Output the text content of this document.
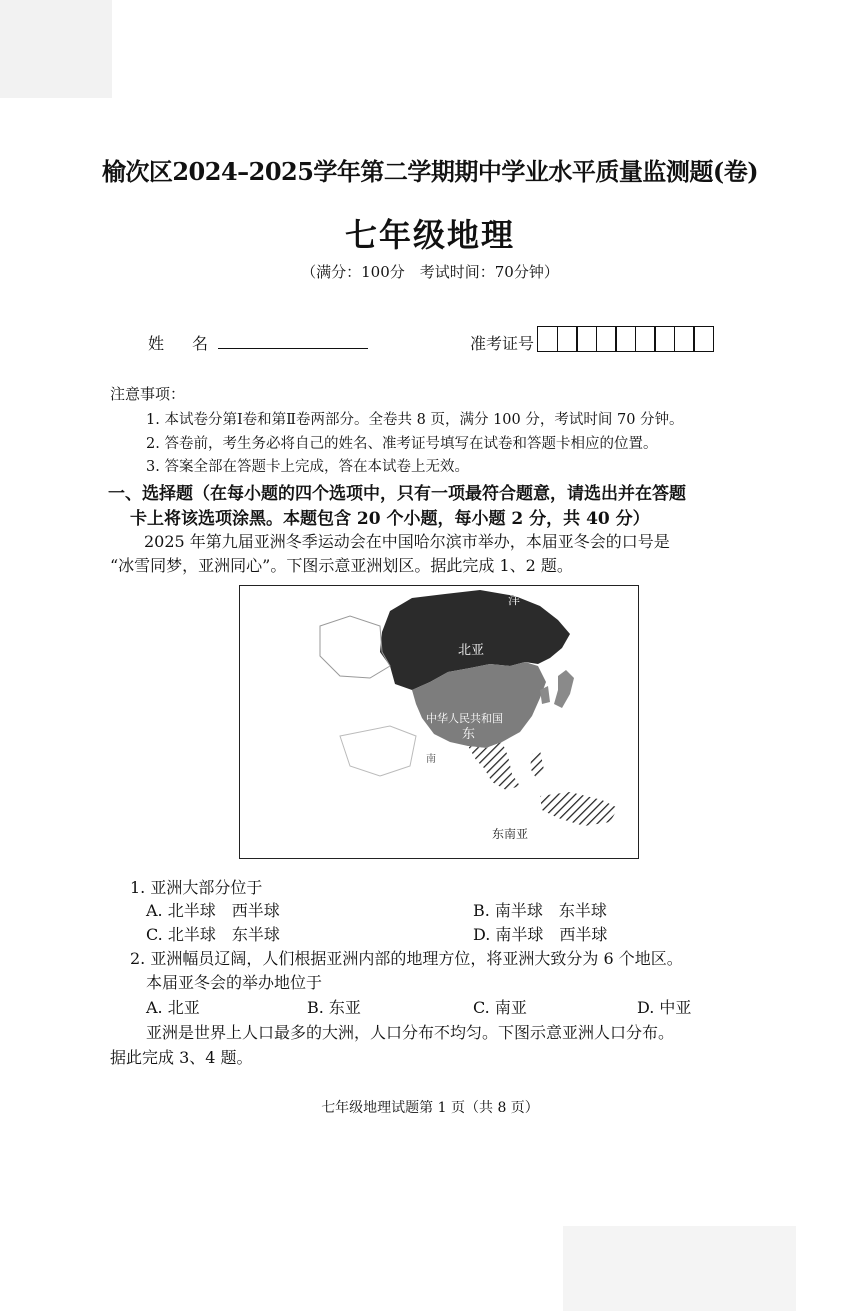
榆次区2024–2025学年第二学期期中学业水平质量监测题(卷)
七年级地理
（满分：100分　考试时间：70分钟）
姓名	准考证号
注意事项：
1. 本试卷分第Ⅰ卷和第Ⅱ卷两部分。全卷共 8 页，满分 100 分，考试时间 70 分钟。
2. 答卷前，考生务必将自己的姓名、准考证号填写在试卷和答题卡相应的位置。
3. 答案全部在答题卡上完成，答在本试卷上无效。
一、选择题（在每小题的四个选项中，只有一项最符合题意，请选出并在答题
卡上将该选项涂黑。本题包含 20 个小题，每小题 2 分，共 40 分）
2025 年第九届亚洲冬季运动会在中国哈尔滨市举办，本届亚冬会的口号是
“冰雪同梦，亚洲同心”。下图示意亚洲划区。据此完成 1、2 题。
洋
北亚
中华人民共和国
东
南
东南亚
1. 亚洲大部分位于
A. 北半球　西半球	B. 南半球　东半球
C. 北半球　东半球	D. 南半球　西半球
2. 亚洲幅员辽阔，人们根据亚洲内部的地理方位，将亚洲大致分为 6 个地区。
本届亚冬会的举办地位于
A. 北亚	B. 东亚	C. 南亚	D. 中亚
亚洲是世界上人口最多的大洲，人口分布不均匀。下图示意亚洲人口分布。
据此完成 3、4 题。
七年级地理试题第 1 页（共 8 页）
